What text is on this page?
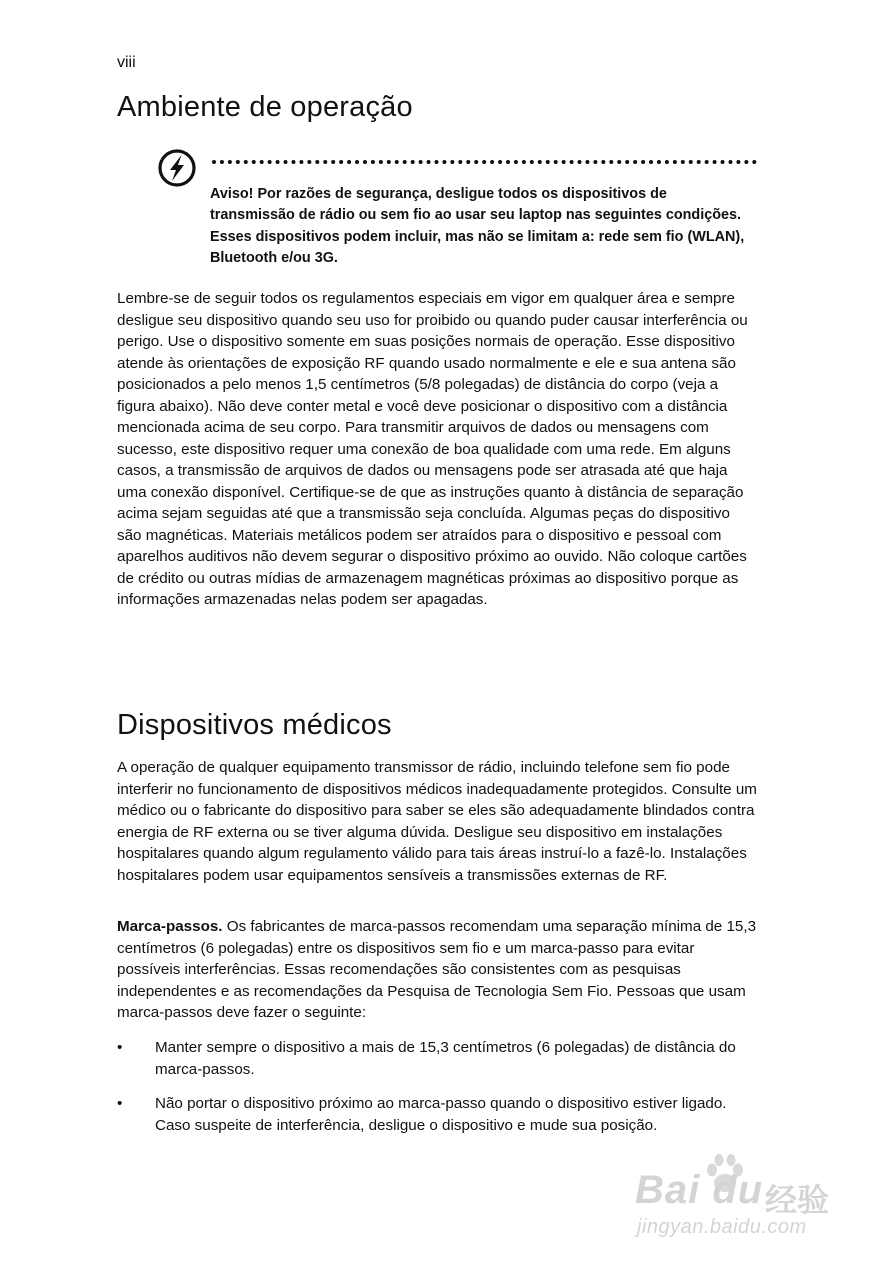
viii
Ambiente de operação

Aviso! Por razões de segurança, desligue todos os dispositivos de transmissão de rádio ou sem fio ao usar seu laptop nas seguintes condições. Esses dispositivos podem incluir, mas não se limitam a: rede sem fio (WLAN), Bluetooth e/ou 3G.

Lembre-se de seguir todos os regulamentos especiais em vigor em qualquer área e sempre desligue seu dispositivo quando seu uso for proibido ou quando puder causar interferência ou perigo. Use o dispositivo somente em suas posições normais de operação. Esse dispositivo atende às orientações de exposição RF quando usado normalmente e ele e sua antena são posicionados a pelo menos 1,5 centímetros (5/8 polegadas) de distância do corpo (veja a figura abaixo). Não deve conter metal e você deve posicionar o dispositivo com a distância mencionada acima de seu corpo. Para transmitir arquivos de dados ou mensagens com sucesso, este dispositivo requer uma conexão de boa qualidade com uma rede. Em alguns casos, a transmissão de arquivos de dados ou mensagens pode ser atrasada até que haja uma conexão disponível. Certifique-se de que as instruções quanto à distância de separação acima sejam seguidas até que a transmissão seja concluída. Algumas peças do dispositivo são magnéticas. Materiais metálicos podem ser atraídos para o dispositivo e pessoal com aparelhos auditivos não devem segurar o dispositivo próximo ao ouvido. Não coloque cartões de crédito ou outras mídias de armazenagem magnéticas próximas ao dispositivo porque as informações armazenadas nelas podem ser apagadas.

Dispositivos médicos

A operação de qualquer equipamento transmissor de rádio, incluindo telefone sem fio pode interferir no funcionamento de dispositivos médicos inadequadamente protegidos. Consulte um médico ou o fabricante do dispositivo para saber se eles são adequadamente blindados contra energia de RF externa ou se tiver alguma dúvida. Desligue seu dispositivo em instalações hospitalares quando algum regulamento válido para tais áreas instruí-lo a fazê-lo. Instalações hospitalares podem usar equipamentos sensíveis a transmissões externas de RF.

Marca-passos. Os fabricantes de marca-passos recomendam uma separação mínima de 15,3 centímetros (6 polegadas) entre os dispositivos sem fio e um marca-passo para evitar possíveis interferências. Essas recomendações são consistentes com as pesquisas independentes e as recomendações da Pesquisa de Tecnologia Sem Fio. Pessoas que usam marca-passos deve fazer o seguinte:

• Manter sempre o dispositivo a mais de 15,3 centímetros (6 polegadas) de distância do marca-passos.
• Não portar o dispositivo próximo ao marca-passo quando o dispositivo estiver ligado. Caso suspeite de interferência, desligue o dispositivo e mude sua posição.
Bai du 经验
jingyan.baidu.com
